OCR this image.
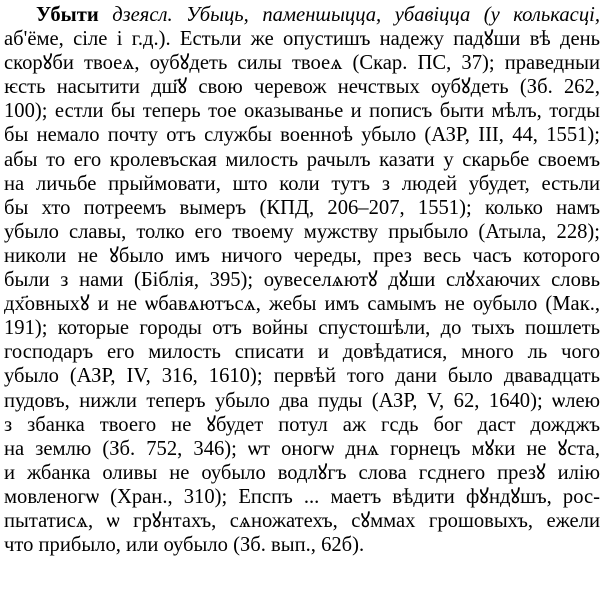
Убыти дзеясл. Убыць, паменшыцца, убавіцца (у колькасці,
аб'ёме, сіле і г.д.). Естьли же опустишъ надежу падꙋши вѣ день
скорꙋби твоеѧ, оубꙋдеть силы твоеѧ (Скар. ПС, 37); праведныи
ѥсть насытити дш҃ꙋ свою черевож нечствых оубꙋдеть (Зб. 262,
100); естли бы теперь тое оказыванье и пописъ быти мѣлъ, тогды
бы немало почту отъ службы военноѣ убыло (АЗР, III, 44, 1551);
абы то его кролевъская милость рачылъ казати у скарьбе своемъ
на личьбе прыймовати, што коли тутъ з людей убудет, естьли
бы хто потреемъ вымеръ (КПД, 206–207, 1551); колько намъ
убыло славы, толко его твоему мужству прыбыло (Атыла, 228);
николи не ꙋбыло имъ ничого череды, през весь часъ которого
были з нами (Біблія, 395); оувеселѧютꙋ дꙋши слꙋхаючих словь
дх҃овныхꙋ и не ѡбавѧютъсѧ, жебы имъ самымъ не оубыло (Мак.,
191); которые городы отъ войны спустошѣли, до тыхъ пошлеть
господаръ его милость списати и довѣдатися, много ль чого
убыло (АЗР, IV, 316, 1610); первѣй того дани было двавадцать
пудовъ, нижли теперъ убыло два пуды (АЗР, V, 62, 1640); ѡлею
з збанка твоего не ꙋбудет потул аж гсдь бог даст дожджъ
на землю (Зб. 752, 346); ѡт оногѡ днѧ горнецъ мꙋки не ꙋста,
и жбанка оливы не оубыло водлꙋгъ слова гсднего презꙋ илію
мовленогѡ (Хран., 310); Епспъ ... маетъ вѣдити фꙋндꙋшъ, рос-
пытатисѧ, ѡ грꙋнтахъ, сѧножатехъ, сꙋммах грошовыхъ, ежели
что прибыло, или оубыло (Зб. вып., 62б).
